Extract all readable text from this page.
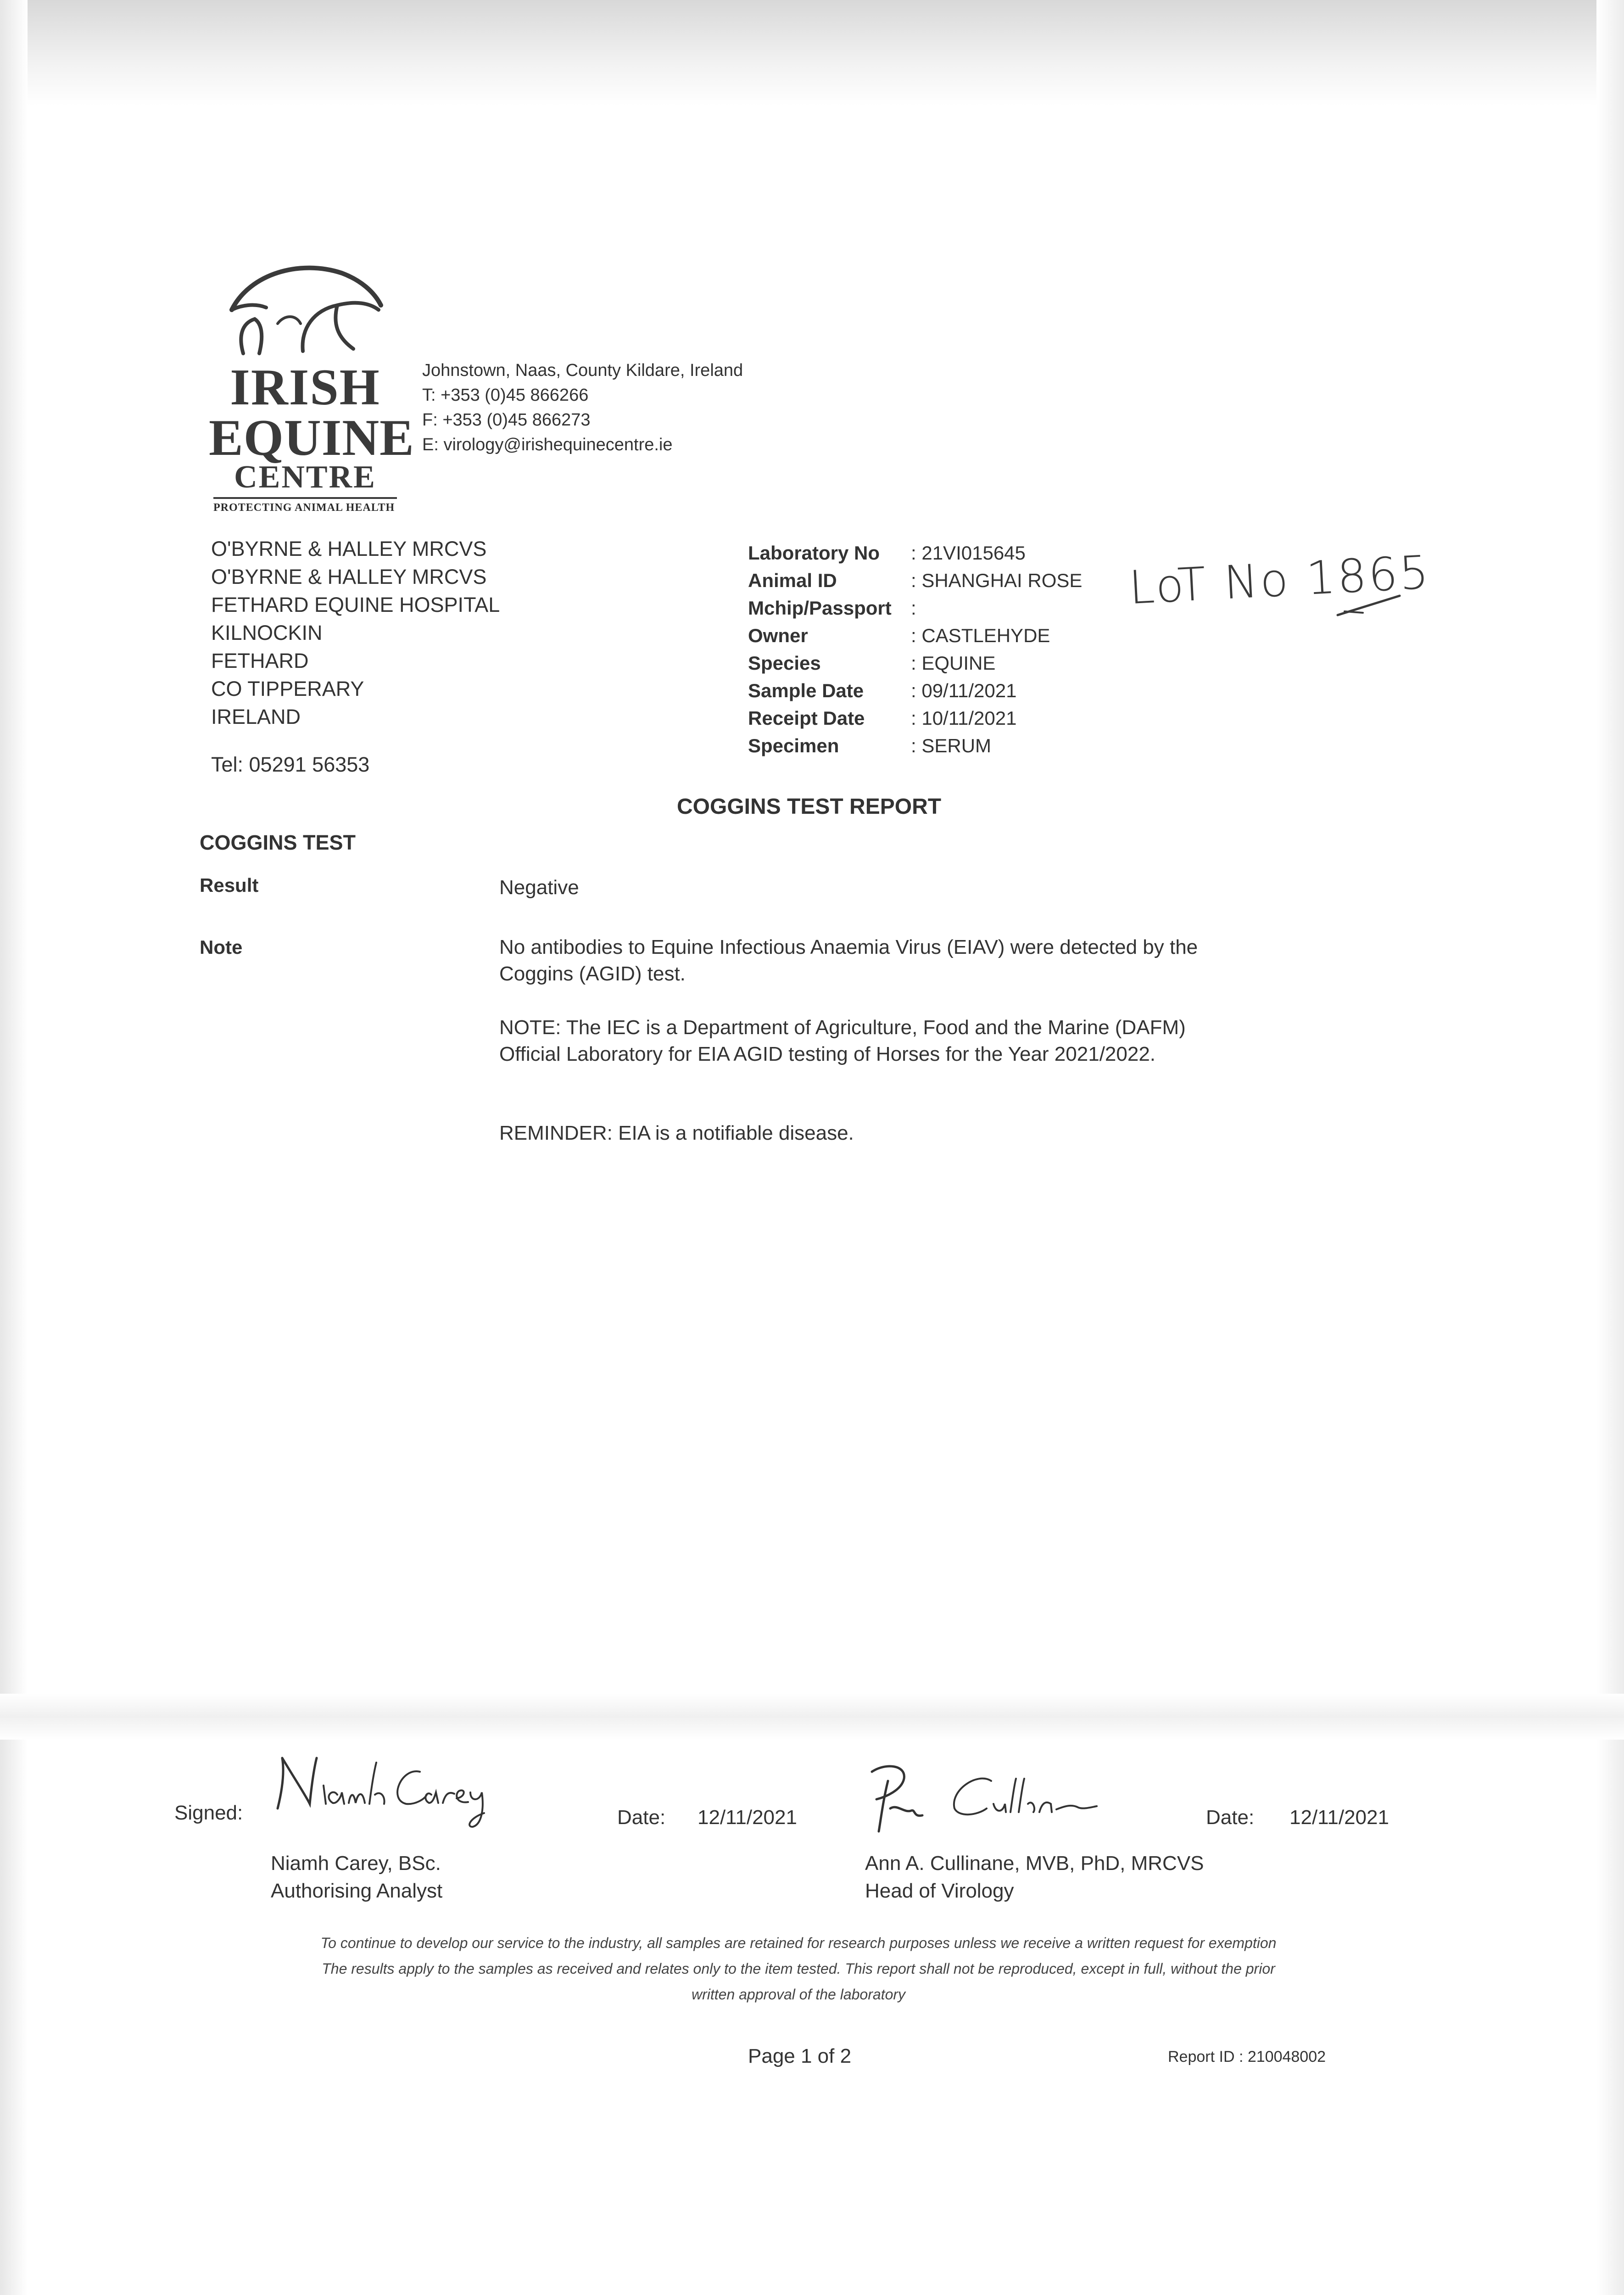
IRISH
EQUINE
CENTRE
PROTECTING ANIMAL HEALTH
Johnstown, Naas, County Kildare, Ireland
T: +353 (0)45 866266
F: +353 (0)45 866273
E: virology@irishequinecentre.ie
O'BYRNE & HALLEY MRCVS
O'BYRNE & HALLEY MRCVS
FETHARD EQUINE HOSPITAL
KILNOCKIN
FETHARD
CO TIPPERARY
IRELAND
Tel: 05291 56353
Laboratory No : 21VI015645
Animal ID	: SHANGHAI ROSE
Mchip/Passport :
Owner	: CASTLEHYDE
Species	: EQUINE
Sample Date : 09/11/2021
Receipt Date : 10/11/2021
Specimen	: SERUM
LoT No 1865
COGGINS TEST REPORT
COGGINS TEST
Result	Negative
Note	No antibodies to Equine Infectious Anaemia Virus (EIAV) were detected by the Coggins (AGID) test.
NOTE: The IEC is a Department of Agriculture, Food and the Marine (DAFM) Official Laboratory for EIA AGID testing of Horses for the Year 2021/2022.
REMINDER: EIA is a notifiable disease.
Signed:	Date: 12/11/2021
Niamh Carey, BSc.
Authorising Analyst
Date: 12/11/2021
Ann A. Cullinane, MVB, PhD, MRCVS
Head of Virology
To continue to develop our service to the industry, all samples are retained for research purposes unless we receive a written request for exemption
The results apply to the samples as received and relates only to the item tested. This report shall not be reproduced, except in full, without the prior
written approval of the laboratory
Page 1 of 2	Report ID : 210048002
